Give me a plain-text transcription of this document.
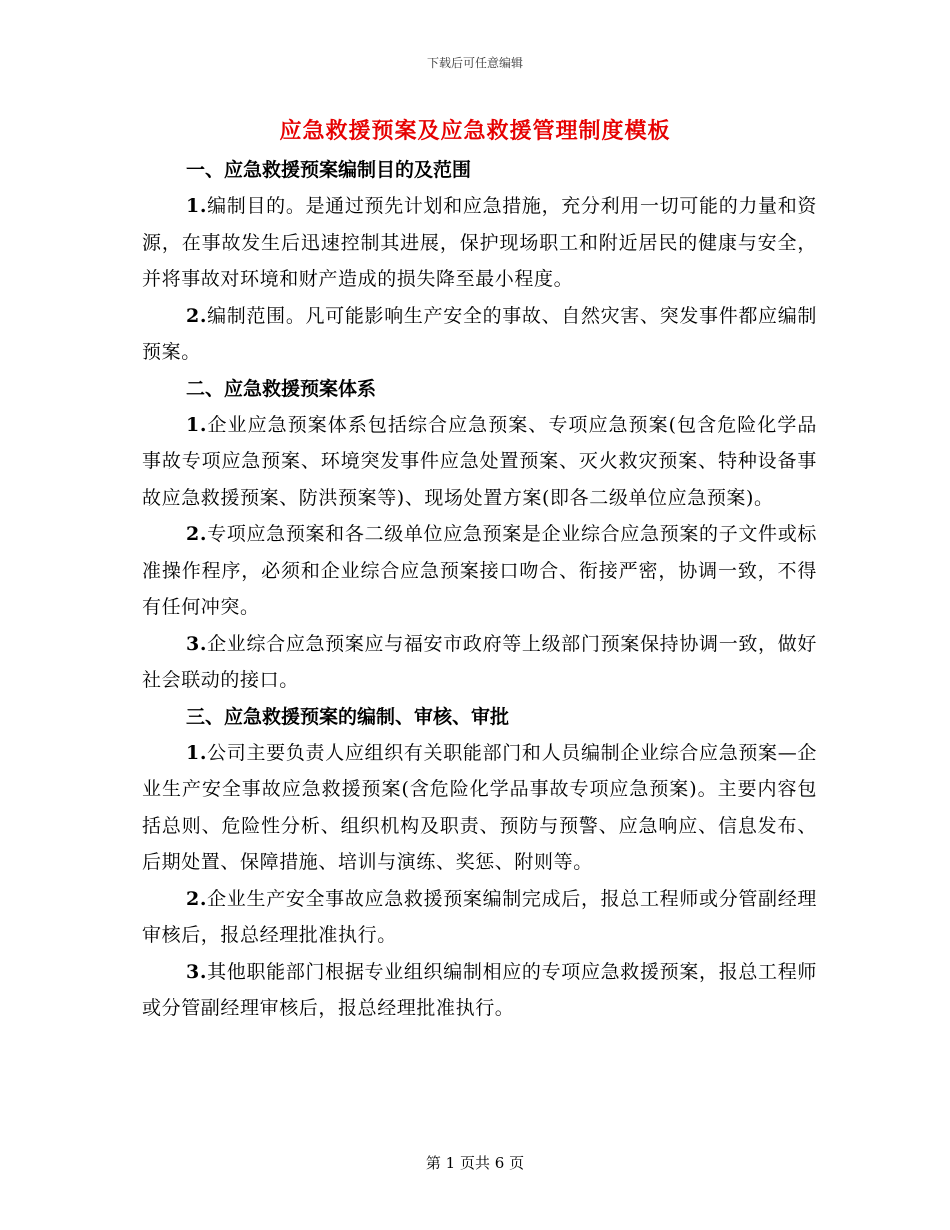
下载后可任意编辑
应急救援预案及应急救援管理制度模板
一、应急救援预案编制目的及范围
1.编制目的。是通过预先计划和应急措施，充分利用一切可能的力量和资源，在事故发生后迅速控制其进展，保护现场职工和附近居民的健康与安全，并将事故对环境和财产造成的损失降至最小程度。
2.编制范围。凡可能影响生产安全的事故、自然灾害、突发事件都应编制预案。
二、应急救援预案体系
1.企业应急预案体系包括综合应急预案、专项应急预案(包含危险化学品事故专项应急预案、环境突发事件应急处置预案、灭火救灾预案、特种设备事故应急救援预案、防洪预案等)、现场处置方案(即各二级单位应急预案)。
2.专项应急预案和各二级单位应急预案是企业综合应急预案的子文件或标准操作程序，必须和企业综合应急预案接口吻合、衔接严密，协调一致，不得有任何冲突。
3.企业综合应急预案应与福安市政府等上级部门预案保持协调一致，做好社会联动的接口。
三、应急救援预案的编制、审核、审批
1.公司主要负责人应组织有关职能部门和人员编制企业综合应急预案—企业生产安全事故应急救援预案(含危险化学品事故专项应急预案)。主要内容包括总则、危险性分析、组织机构及职责、预防与预警、应急响应、信息发布、后期处置、保障措施、培训与演练、奖惩、附则等。
2.企业生产安全事故应急救援预案编制完成后，报总工程师或分管副经理审核后，报总经理批准执行。
3.其他职能部门根据专业组织编制相应的专项应急救援预案，报总工程师或分管副经理审核后，报总经理批准执行。
第 1 页共 6 页
